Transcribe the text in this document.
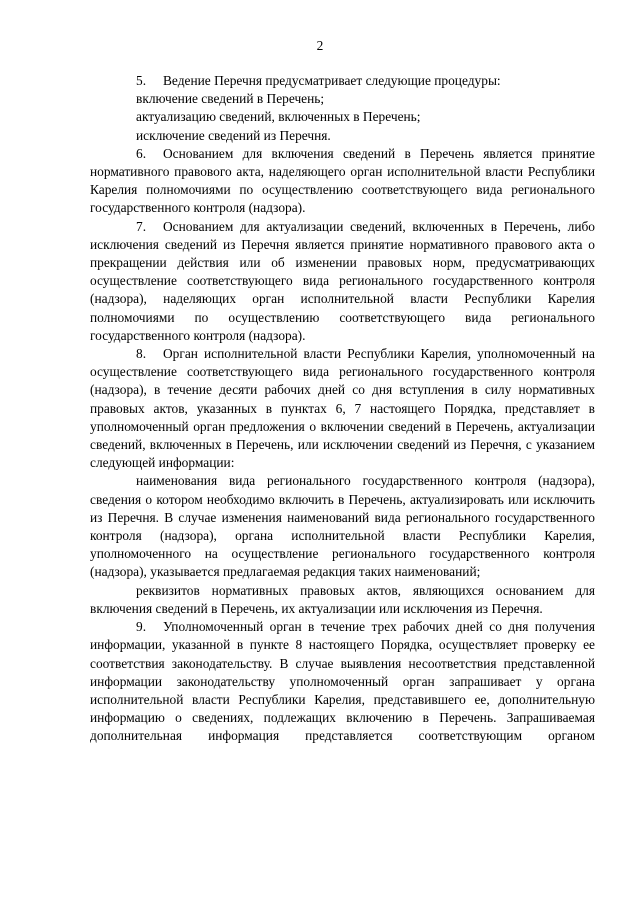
2

5. Ведение Перечня предусматривает следующие процедуры:

включение сведений в Перечень;

актуализацию сведений, включенных в Перечень;

исключение сведений из Перечня.

6. Основанием для включения сведений в Перечень является принятие нормативного правового акта, наделяющего орган исполнительной власти Республики Карелия полномочиями по осуществлению соответствующего вида регионального государственного контроля (надзора).

7. Основанием для актуализации сведений, включенных в Перечень, либо исключения сведений из Перечня является принятие нормативного правового акта о прекращении действия или об изменении правовых норм, предусматривающих осуществление соответствующего вида регионального государственного контроля (надзора), наделяющих орган исполнительной власти Республики Карелия полномочиями по осуществлению соответствующего вида регионального государственного контроля (надзора).

8. Орган исполнительной власти Республики Карелия, уполномоченный на осуществление соответствующего вида регионального государственного контроля (надзора), в течение десяти рабочих дней со дня вступления в силу нормативных правовых актов, указанных в пунктах 6, 7 настоящего Порядка, представляет в уполномоченный орган предложения о включении сведений в Перечень, актуализации сведений, включенных в Перечень, или исключении сведений из Перечня, с указанием следующей информации:

наименования вида регионального государственного контроля (надзора), сведения о котором необходимо включить в Перечень, актуализировать или исключить из Перечня. В случае изменения наименований вида регионального государственного контроля (надзора), органа исполнительной власти Республики Карелия, уполномоченного на осуществление регионального государственного контроля (надзора), указывается предлагаемая редакция таких наименований;

реквизитов нормативных правовых актов, являющихся основанием для включения сведений в Перечень, их актуализации или исключения из Перечня.

9. Уполномоченный орган в течение трех рабочих дней со дня получения информации, указанной в пункте 8 настоящего Порядка, осуществляет проверку ее соответствия законодательству. В случае выявления несоответствия представленной информации законодательству уполномоченный орган запрашивает у органа исполнительной власти Республики Карелия, представившего ее, дополнительную информацию о сведениях, подлежащих включению в Перечень. Запрашиваемая дополнительная информация представляется соответствующим органом
